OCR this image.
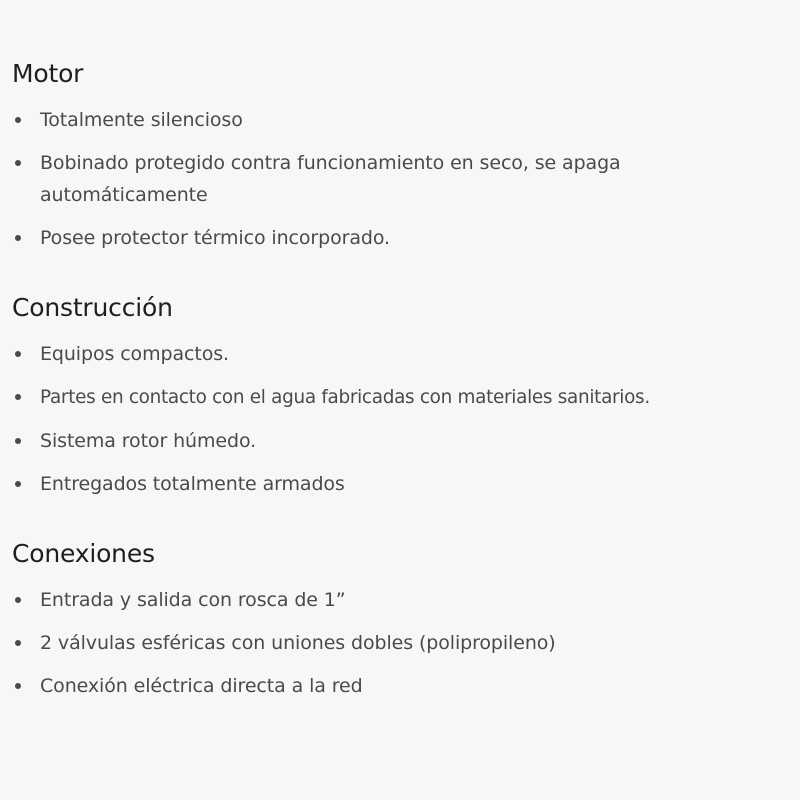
Motor
Totalmente silencioso
Bobinado protegido contra funcionamiento en seco, se apaga automáticamente
Posee protector térmico incorporado.
Construcción
Equipos compactos.
Partes en contacto con el agua fabricadas con materiales sanitarios.
Sistema rotor húmedo.
Entregados totalmente armados
Conexiones
Entrada y salida con rosca de 1”
2 válvulas esféricas con uniones dobles (polipropileno)
Conexión eléctrica directa a la red
